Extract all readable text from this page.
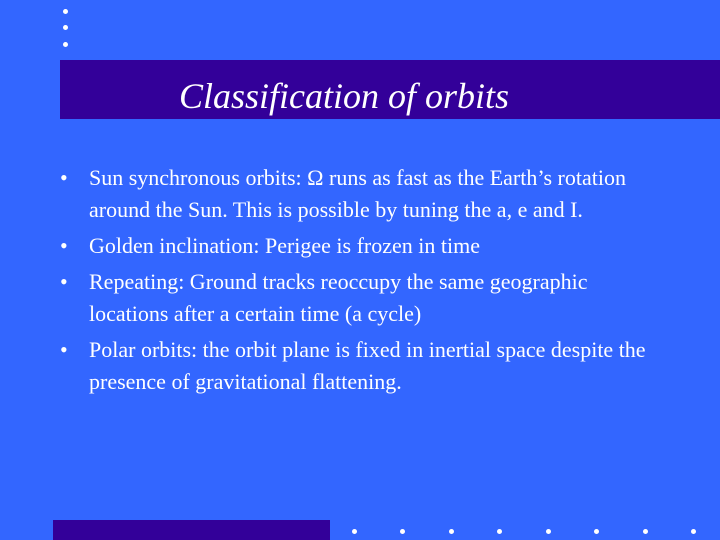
Classification of orbits
• Sun synchronous orbits: Ω runs as fast as the Earth’s rotation around the Sun. This is possible by tuning the a, e and I.
• Golden inclination: Perigee is frozen in time
• Repeating: Ground tracks reoccupy the same geographic locations after a certain time (a cycle)
• Polar orbits: the orbit plane is fixed in inertial space despite the presence of gravitational flattening.
